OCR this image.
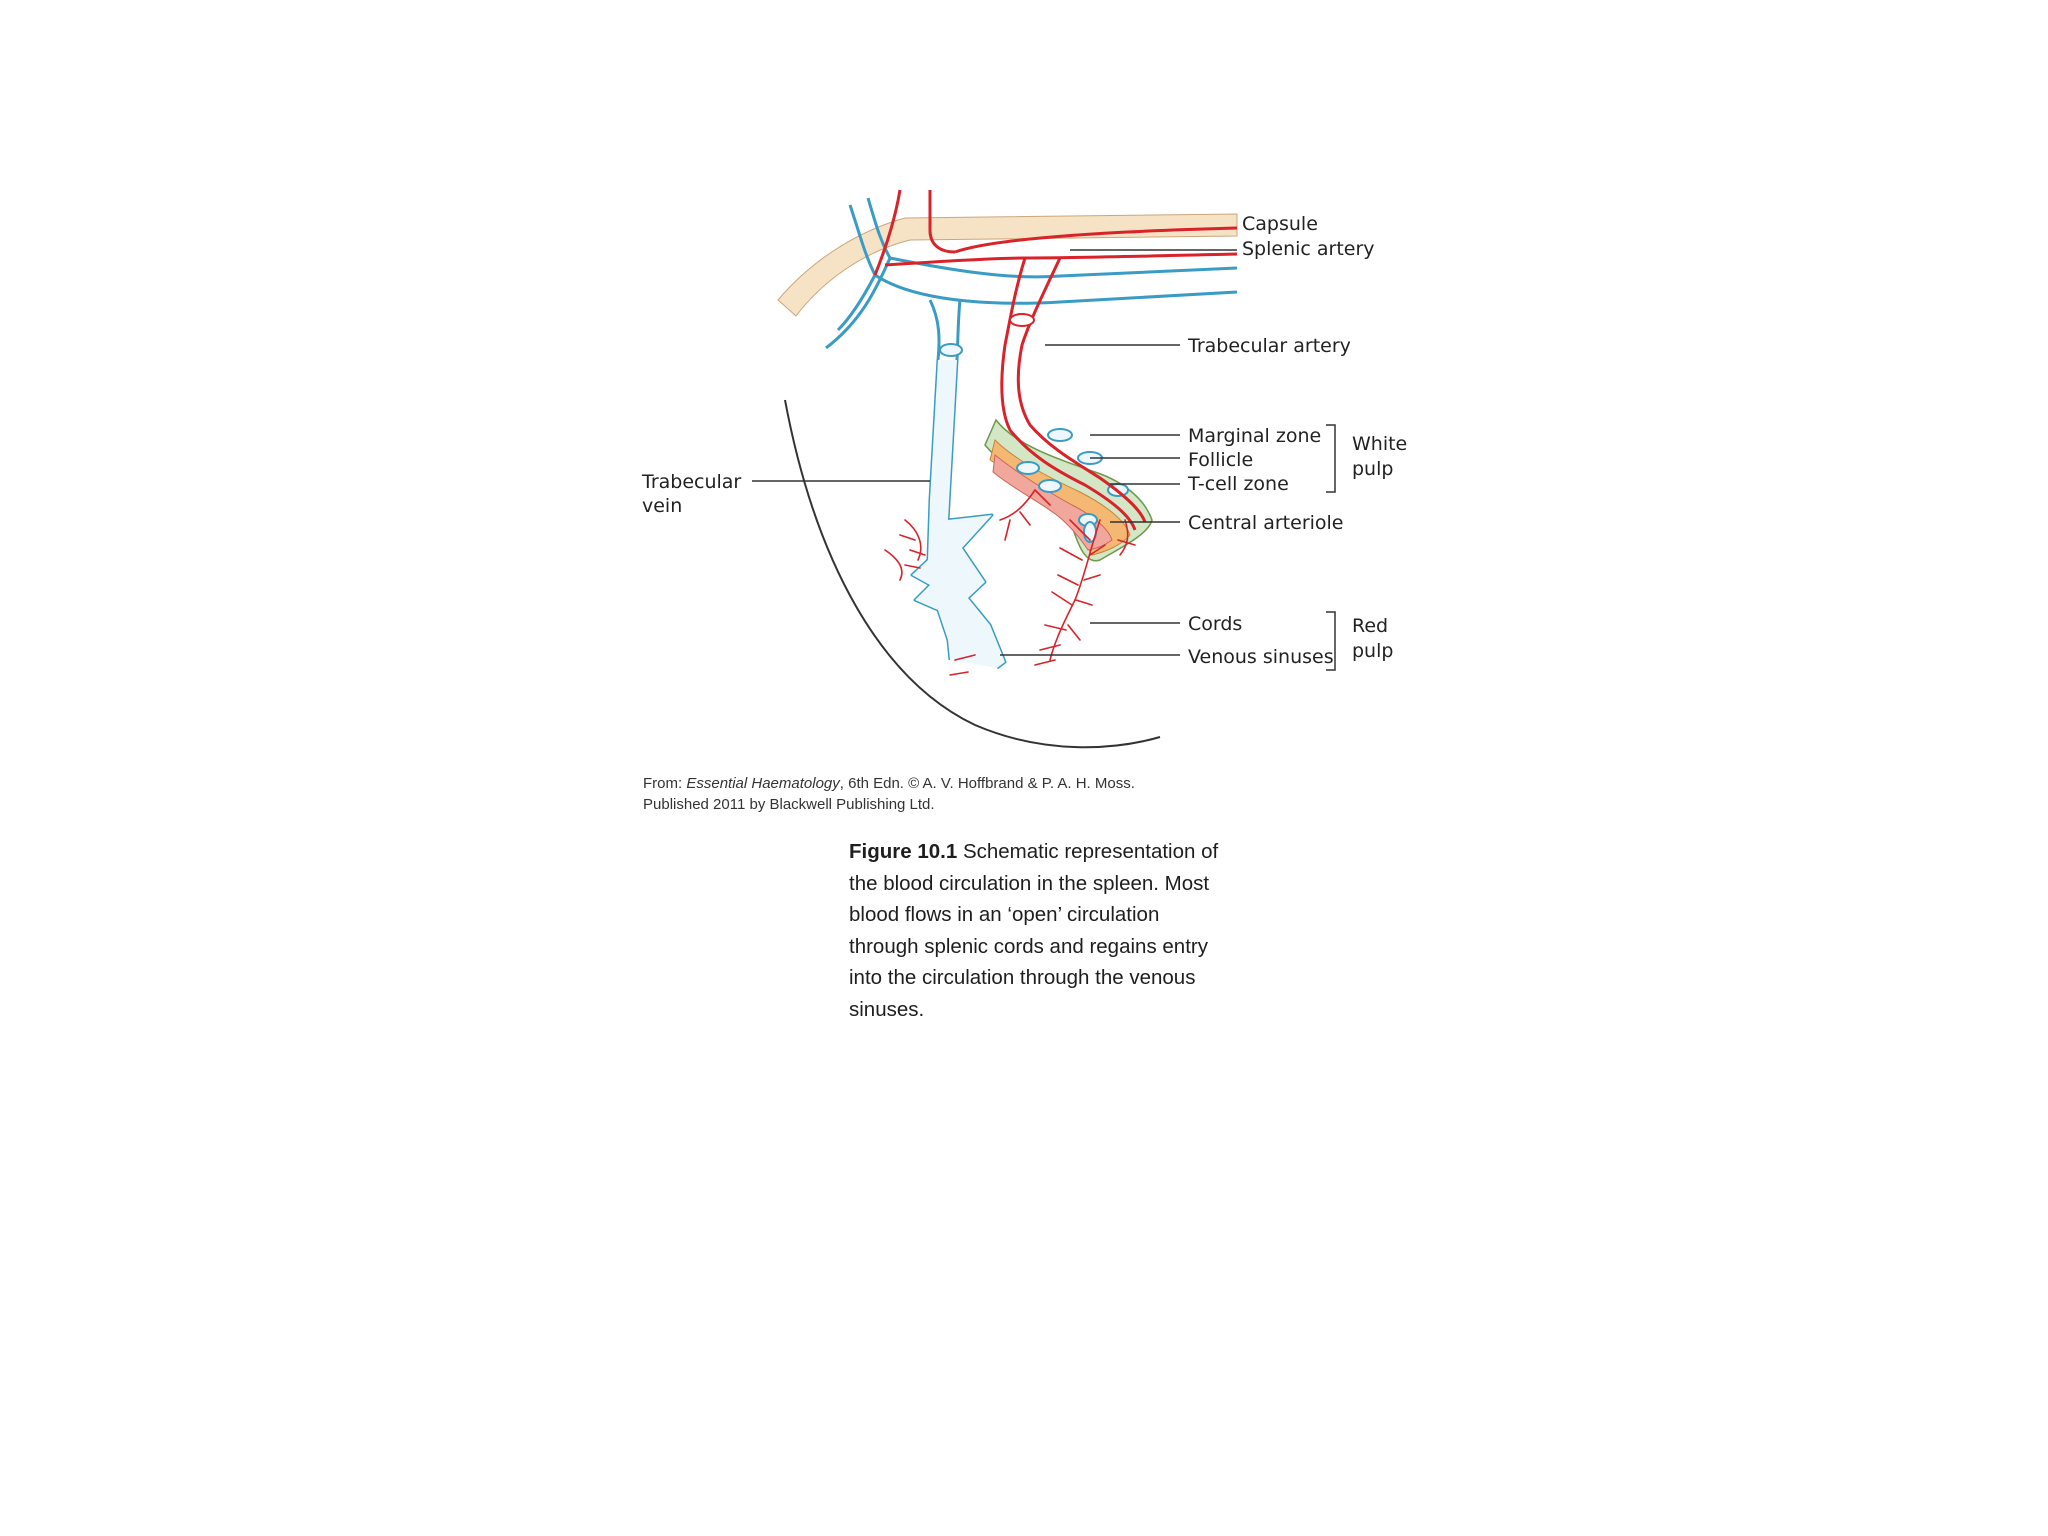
Capsule
Splenic artery
Trabecular artery
Marginal zone
Follicle
T-cell zone
White
pulp
Central arteriole
Trabecular
vein
Cords
Venous sinuses
Red
pulp
From: Essential Haematology, 6th Edn. © A. V. Hoffbrand & P. A. H. Moss.
Published 2011 by Blackwell Publishing Ltd.
Figure 10.1 Schematic representation of the blood circulation in the spleen. Most blood flows in an ‘open’ circulation through splenic cords and regains entry into the circulation through the venous sinuses.
